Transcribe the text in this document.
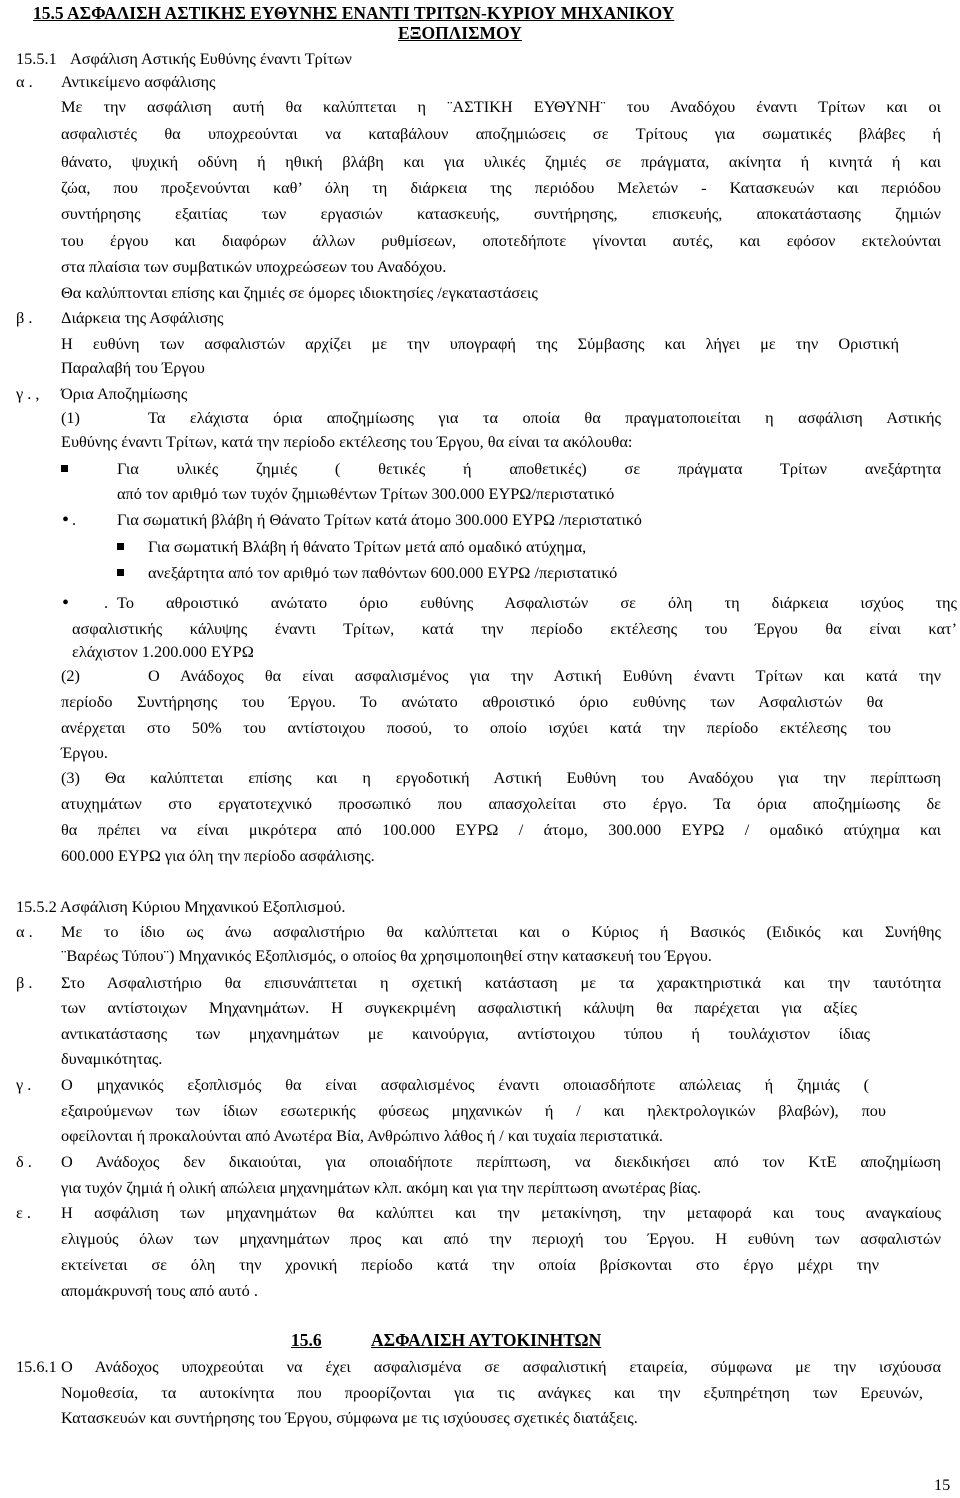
15.5 ΑΣΦΑΛΙΣΗ ΑΣΤΙΚΗΣ ΕΥΘΥΝΗΣ ΕΝΑΝΤΙ ΤΡΙΤΩΝ-ΚΥΡΙΟΥ ΜΗΧΑΝΙΚΟΥ
ΕΞΟΠΛΙΣΜΟΥ
15.5.1 Ασφάλιση Αστικής Ευθύνης έναντι Τρίτων
α . Αντικείμενο ασφάλισης
Με την ασφάλιση αυτή θα καλύπτεται η ¨ΑΣΤΙΚΗ ΕΥΘΥΝΗ¨ του Αναδόχου έναντι Τρίτων και οι
ασφαλιστές θα υποχρεούνται να καταβάλουν αποζημιώσεις σε Τρίτους για σωματικές βλάβες ή
θάνατο, ψυχική οδύνη ή ηθική βλάβη και για υλικές ζημιές σε πράγματα, ακίνητα ή κινητά ή και
ζώα, που προξενούνται καθ’ όλη τη διάρκεια της περιόδου Μελετών - Κατασκευών και περιόδου
συντήρησης εξαιτίας των εργασιών κατασκευής, συντήρησης, επισκευής, αποκατάστασης ζημιών
του έργου και διαφόρων άλλων ρυθμίσεων, οποτεδήποτε γίνονται αυτές, και εφόσον εκτελούνται
στα πλαίσια των συμβατικών υποχρεώσεων του Αναδόχου.
Θα καλύπτονται επίσης και ζημιές σε όμορες ιδιοκτησίες /εγκαταστάσεις
β . Διάρκεια της Ασφάλισης
Η ευθύνη των ασφαλιστών αρχίζει με την υπογραφή της Σύμβασης και λήγει με την Οριστική
Παραλαβή του Έργου
γ . , Όρια Αποζημίωσης
(1)	Τα ελάχιστα όρια αποζημίωσης για τα οποία θα πραγματοποιείται η ασφάλιση Αστικής
Ευθύνης έναντι Τρίτων, κατά την περίοδο εκτέλεσης του Έργου, θα είναι τα ακόλουθα:
Για υλικές ζημιές ( θετικές ή αποθετικές) σε πράγματα Τρίτων ανεξάρτητα
από τον αριθμό των τυχόν ζημιωθέντων Τρίτων 300.000 ΕΥΡΩ/περιστατικό
• .	Για σωματική βλάβη ή Θάνατο Τρίτων κατά άτομο 300.000 ΕΥΡΩ /περιστατικό
Για σωματική Βλάβη ή θάνατο Τρίτων μετά από ομαδικό ατύχημα,
ανεξάρτητα από τον αριθμό των παθόντων 600.000 ΕΥΡΩ /περιστατικό
• . Το αθροιστικό ανώτατο όριο ευθύνης Ασφαλιστών σε όλη τη διάρκεια ισχύος της
ασφαλιστικής κάλυψης έναντι Τρίτων, κατά την περίοδο εκτέλεσης του Έργου θα είναι κατ’
ελάχιστον 1.200.000 ΕΥΡΩ
(2)	Ο Ανάδοχος θα είναι ασφαλισμένος για την Αστική Ευθύνη έναντι Τρίτων και κατά την
περίοδο Συντήρησης του Έργου. Το ανώτατο αθροιστικό όριο ευθύνης των Ασφαλιστών θα
ανέρχεται στο 50% του αντίστοιχου ποσού, το οποίο ισχύει κατά την περίοδο εκτέλεσης του
Έργου.
(3) Θα καλύπτεται επίσης και η εργοδοτική Αστική Ευθύνη του Αναδόχου για την περίπτωση
ατυχημάτων στο εργατοτεχνικό προσωπικό που απασχολείται στο έργο. Τα όρια αποζημίωσης δε
θα πρέπει να είναι μικρότερα από 100.000 ΕΥΡΩ / άτομο, 300.000 ΕΥΡΩ / ομαδικό ατύχημα και
600.000 ΕΥΡΩ για όλη την περίοδο ασφάλισης.
15.5.2 Ασφάλιση Κύριου Μηχανικού Εξοπλισμού.
α . Με το ίδιο ως άνω ασφαλιστήριο θα καλύπτεται και ο Κύριος ή Βασικός (Ειδικός και Συνήθης
¨Βαρέως Τύπου¨) Μηχανικός Εξοπλισμός, ο οποίος θα χρησιμοποιηθεί στην κατασκευή του Έργου.
β . Στο Ασφαλιστήριο θα επισυνάπτεται η σχετική κατάσταση με τα χαρακτηριστικά και την ταυτότητα
των αντίστοιχων Μηχανημάτων. Η συγκεκριμένη ασφαλιστική κάλυψη θα παρέχεται για αξίες
αντικατάστασης των μηχανημάτων με καινούργια, αντίστοιχου τύπου ή τουλάχιστον ίδιας
δυναμικότητας.
γ . Ο μηχανικός εξοπλισμός θα είναι ασφαλισμένος έναντι οποιασδήποτε απώλειας ή ζημιάς (
εξαιρούμενων των ίδιων εσωτερικής φύσεως μηχανικών ή / και ηλεκτρολογικών βλαβών), που
οφείλονται ή προκαλούνται από Ανωτέρα Βία, Ανθρώπινο λάθος ή / και τυχαία περιστατικά.
δ . Ο Ανάδοχος δεν δικαιούται, για οποιαδήποτε περίπτωση, να διεκδικήσει από τον ΚτΕ αποζημίωση
για τυχόν ζημιά ή ολική απώλεια μηχανημάτων κλπ. ακόμη και για την περίπτωση ανωτέρας βίας.
ε . Η ασφάλιση των μηχανημάτων θα καλύπτει και την μετακίνηση, την μεταφορά και τους αναγκαίους
ελιγμούς όλων των μηχανημάτων προς και από την περιοχή του Έργου. Η ευθύνη των ασφαλιστών
εκτείνεται σε όλη την χρονική περίοδο κατά την οποία βρίσκονται στο έργο μέχρι την
απομάκρυνσή τους από αυτό .
15.6	ΑΣΦΑΛΙΣΗ ΑΥΤΟΚΙΝΗΤΩΝ
15.6.1 Ο Ανάδοχος υποχρεούται να έχει ασφαλισμένα σε ασφαλιστική εταιρεία, σύμφωνα με την ισχύουσα
Νομοθεσία, τα αυτοκίνητα που προορίζονται για τις ανάγκες και την εξυπηρέτηση των Ερευνών,
Κατασκευών και συντήρησης του Έργου, σύμφωνα με τις ισχύουσες σχετικές διατάξεις.
15
